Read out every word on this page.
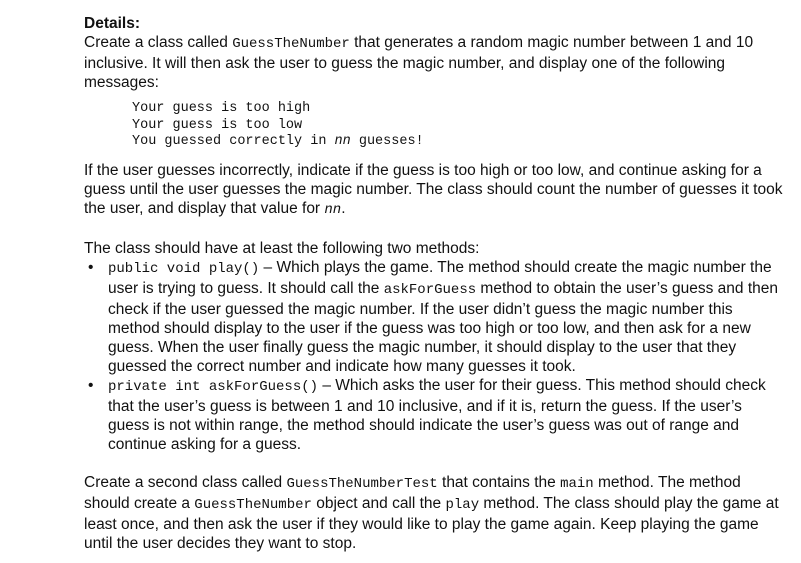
Details:

Create a class called GuessTheNumber that generates a random magic number between 1 and 10 inclusive. It will then ask the user to guess the magic number, and display one of the following messages:

Your guess is too high
Your guess is too low
You guessed correctly in nn guesses!

If the user guesses incorrectly, indicate if the guess is too high or too low, and continue asking for a guess until the user guesses the magic number. The class should count the number of guesses it took the user, and display that value for nn.

The class should have at least the following two methods:

• public void play() – Which plays the game. The method should create the magic number the user is trying to guess. It should call the askForGuess method to obtain the user’s guess and then check if the user guessed the magic number. If the user didn’t guess the magic number this method should display to the user if the guess was too high or too low, and then ask for a new guess. When the user finally guess the magic number, it should display to the user that they guessed the correct number and indicate how many guesses it took.
• private int askForGuess() – Which asks the user for their guess. This method should check that the user’s guess is between 1 and 10 inclusive, and if it is, return the guess. If the user’s guess is not within range, the method should indicate the user’s guess was out of range and continue asking for a guess.

Create a second class called GuessTheNumberTest that contains the main method. The method should create a GuessTheNumber object and call the play method. The class should play the game at least once, and then ask the user if they would like to play the game again. Keep playing the game until the user decides they want to stop.
